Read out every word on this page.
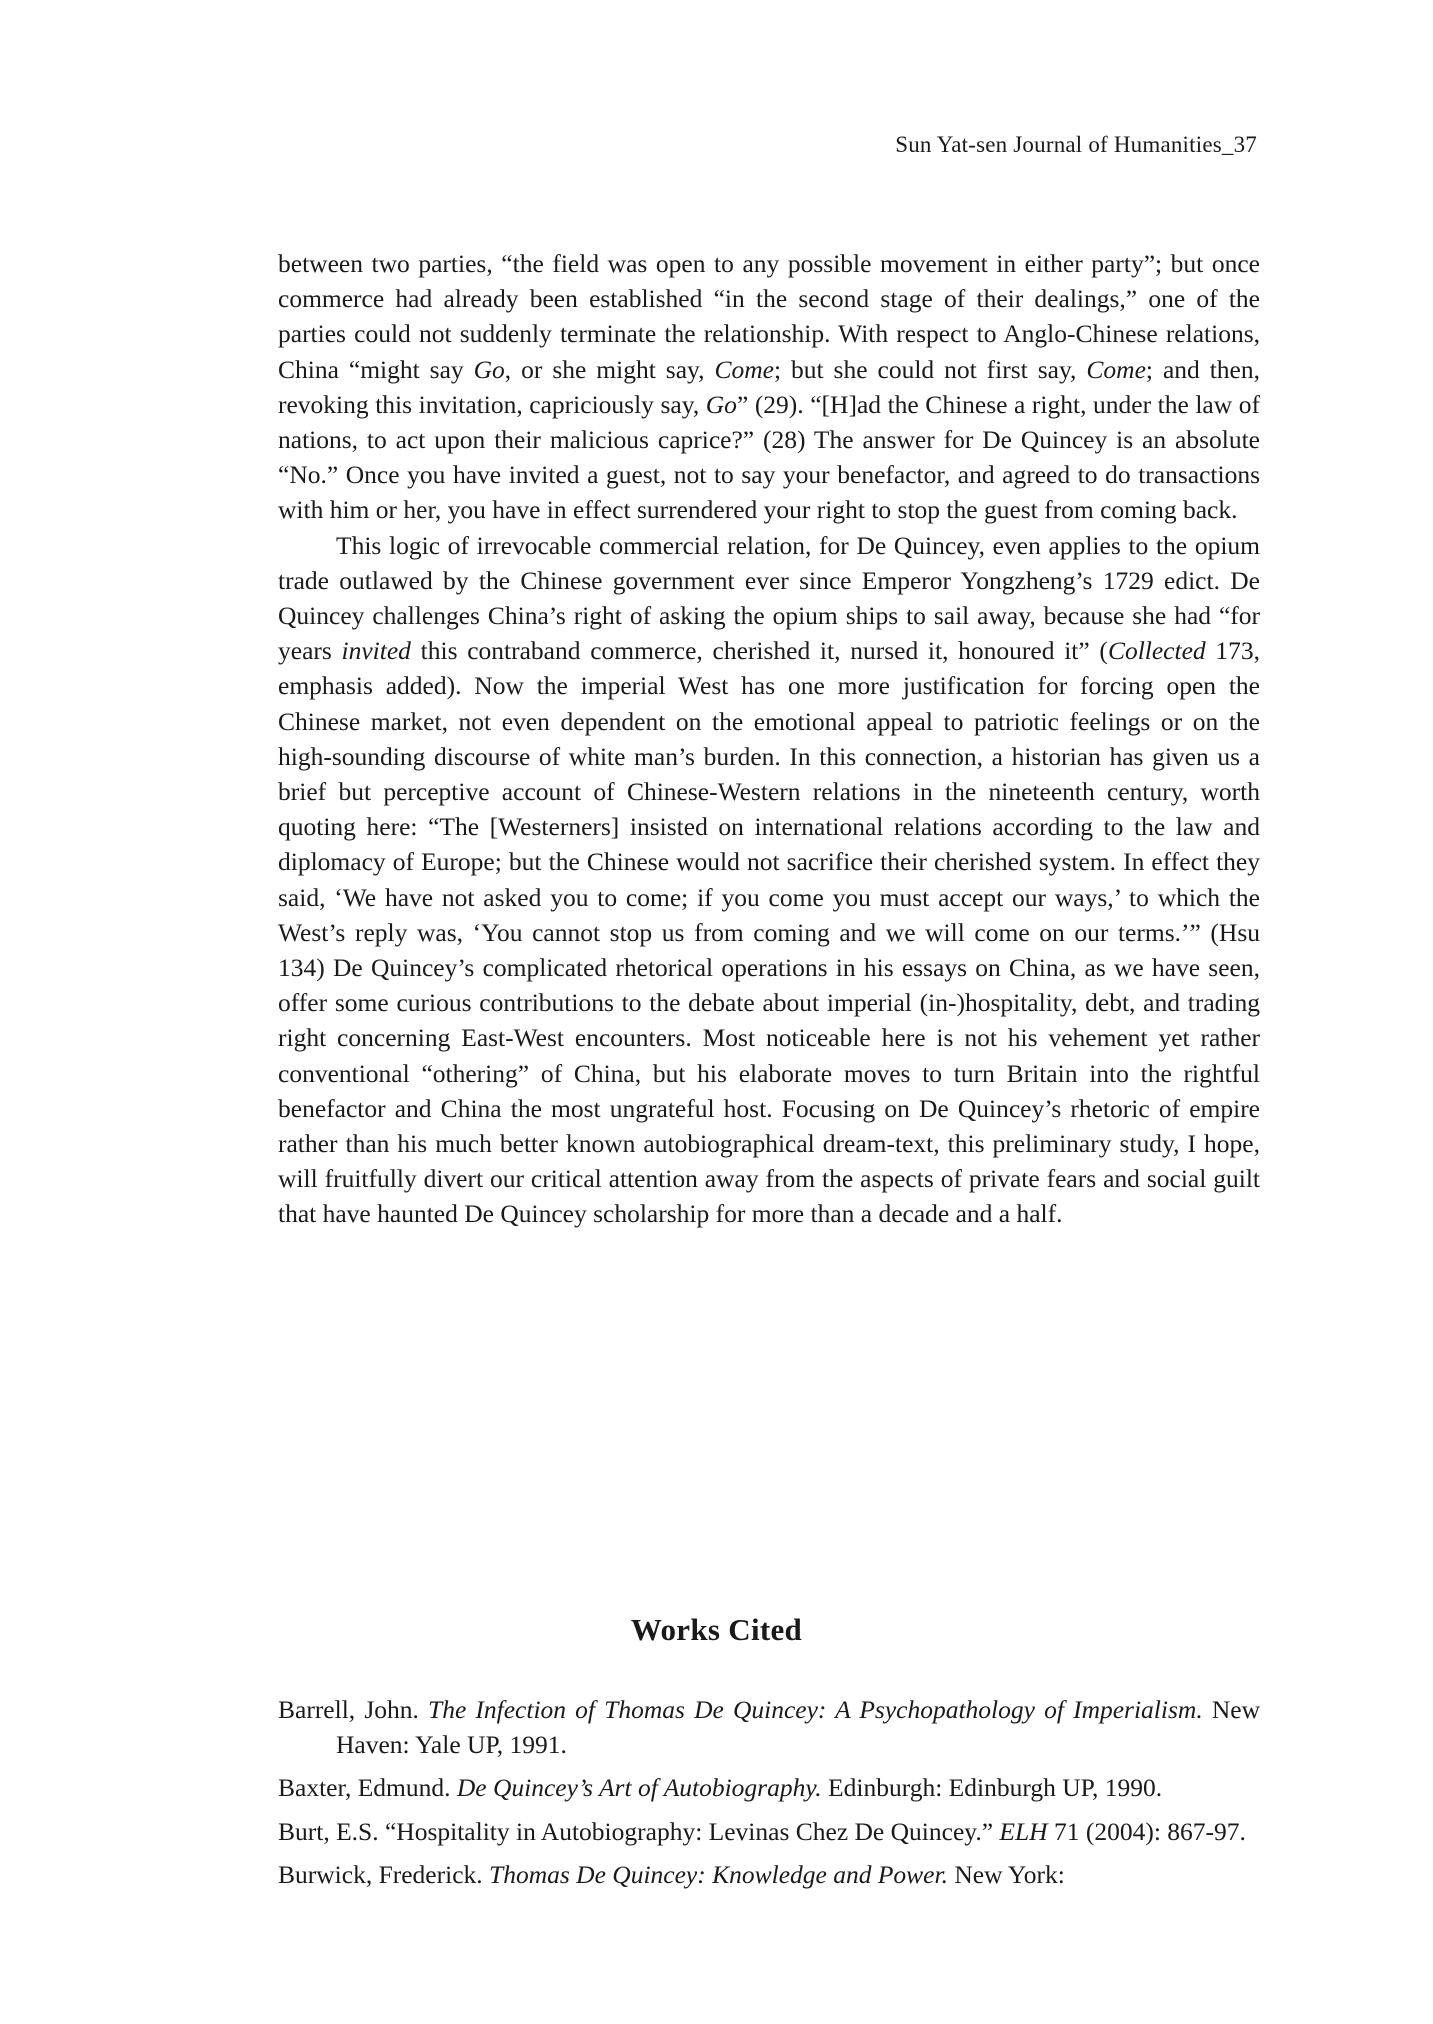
Sun Yat-sen Journal of Humanities_37

between two parties, “the field was open to any possible movement in either party”; but once commerce had already been established “in the second stage of their dealings,” one of the parties could not suddenly terminate the relationship. With respect to Anglo-Chinese relations, China “might say Go, or she might say, Come; but she could not first say, Come; and then, revoking this invitation, capriciously say, Go” (29). “[H]ad the Chinese a right, under the law of nations, to act upon their malicious caprice?” (28) The answer for De Quincey is an absolute “No.” Once you have invited a guest, not to say your benefactor, and agreed to do transactions with him or her, you have in effect surrendered your right to stop the guest from coming back.

This logic of irrevocable commercial relation, for De Quincey, even applies to the opium trade outlawed by the Chinese government ever since Emperor Yongzheng’s 1729 edict. De Quincey challenges China’s right of asking the opium ships to sail away, because she had “for years invited this contraband commerce, cherished it, nursed it, honoured it” (Collected 173, emphasis added). Now the imperial West has one more justification for forcing open the Chinese market, not even dependent on the emotional appeal to patriotic feelings or on the high-sounding discourse of white man’s burden. In this connection, a historian has given us a brief but perceptive account of Chinese-Western relations in the nineteenth century, worth quoting here: “The [Westerners] insisted on international relations according to the law and diplomacy of Europe; but the Chinese would not sacrifice their cherished system. In effect they said, ‘We have not asked you to come; if you come you must accept our ways,’ to which the West’s reply was, ‘You cannot stop us from coming and we will come on our terms.’” (Hsu 134) De Quincey’s complicated rhetorical operations in his essays on China, as we have seen, offer some curious contributions to the debate about imperial (in-)hospitality, debt, and trading right concerning East-West encounters. Most noticeable here is not his vehement yet rather conventional “othering” of China, but his elaborate moves to turn Britain into the rightful benefactor and China the most ungrateful host. Focusing on De Quincey’s rhetoric of empire rather than his much better known autobiographical dream-text, this preliminary study, I hope, will fruitfully divert our critical attention away from the aspects of private fears and social guilt that have haunted De Quincey scholarship for more than a decade and a half.

Works Cited
Barrell, John. The Infection of Thomas De Quincey: A Psychopathology of Imperialism. New Haven: Yale UP, 1991.
Baxter, Edmund. De Quincey’s Art of Autobiography. Edinburgh: Edinburgh UP, 1990.
Burt, E.S. “Hospitality in Autobiography: Levinas Chez De Quincey.” ELH 71 (2004): 867-97.
Burwick, Frederick. Thomas De Quincey: Knowledge and Power. New York:
